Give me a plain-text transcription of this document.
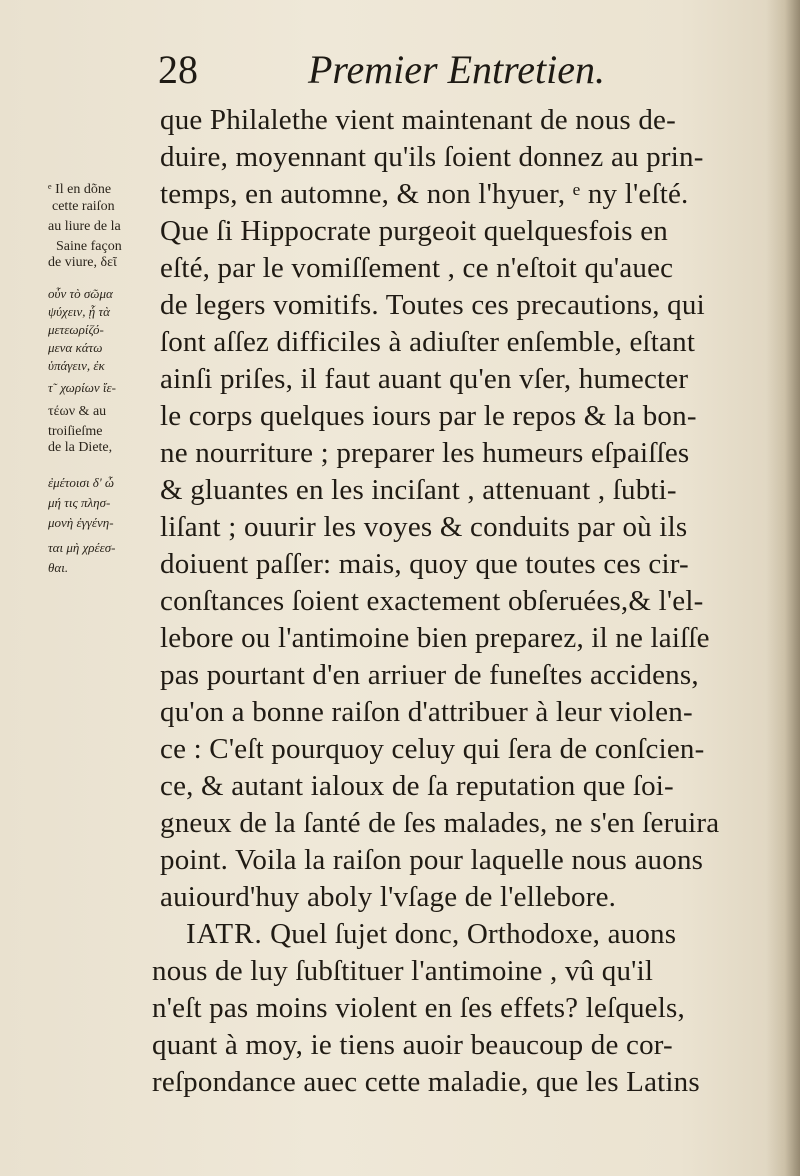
28	Premier Entretien.
que Philalethe vient maintenant de nous de-
duire, moyennant qu'ils ſoient donnez au prin-
temps, en automne, & non l'hyuer, ᵉ ny l'eſté.
Que ſi Hippocrate purgeoit quelquesfois en
eſté, par le vomiſſement , ce n'eſtoit qu'auec
de legers vomitifs. Toutes ces precautions, qui
ſont aſſez difficiles à adiuſter enſemble, eſtant
ainſi priſes, il faut auant qu'en vſer, humecter
le corps quelques iours par le repos & la bon-
ne nourriture ; preparer les humeurs eſpaiſſes
& gluantes en les inciſant , attenuant , ſubti-
liſant ; ouurir les voyes & conduits par où ils
doiuent paſſer: mais, quoy que toutes ces cir-
conſtances ſoient exactement obſeruées,& l'el-
lebore ou l'antimoine bien preparez, il ne laiſſe
pas pourtant d'en arriuer de funeſtes accidens,
qu'on a bonne raiſon d'attribuer à leur violen-
ce : C'eſt pourquoy celuy qui ſera de conſcien-
ce, & autant ialoux de ſa reputation que ſoi-
gneux de la ſanté de ſes malades, ne s'en ſeruira
point. Voila la raiſon pour laquelle nous auons
auiourd'huy aboly l'vſage de l'ellebore.
IATR. Quel ſujet donc, Orthodoxe, auons
nous de luy ſubſtituer l'antimoine , vû qu'il
n'eſt pas moins violent en ſes effets? leſquels,
quant à moy, ie tiens auoir beaucoup de cor-
reſpondance auec cette maladie, que les Latins
ᵉ Il en dõne
cette raiſon
au liure de la
Saine façon
de viure, δεῖ
οὖν τὸ σῶμα
ψύχειν, ᾗ τὰ
μετεωρίζό-
μενα κάτω
ὑπάγειν, ἐκ
τ῀ χωρίων ἴε-
τέων & au
troiſieſme
de la Diete,
ἐμέτοισι δ' ὦ
μή τις πλησ-
μονὴ ἐγγένη-
ται μὴ χρέεσ-
θαι.
